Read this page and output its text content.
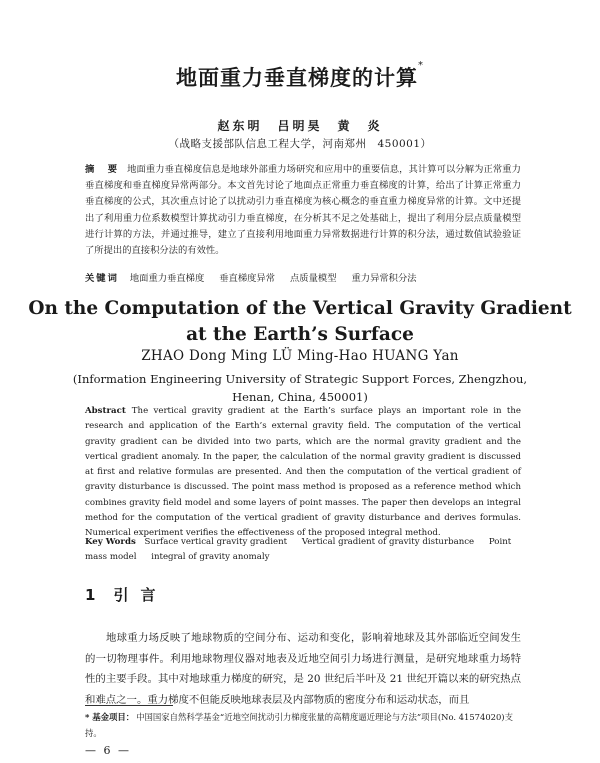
地面重力垂直梯度的计算*
赵东明　吕明昊　黄　炎
（战略支援部队信息工程大学，河南郑州　450001）
摘　要 地面重力垂直梯度信息是地球外部重力场研究和应用中的重要信息，其计算可以分解为正常重力垂直梯度和垂直梯度异常两部分。本文首先讨论了地面点正常重力垂直梯度的计算，给出了计算正常重力垂直梯度的公式，其次重点讨论了以扰动引力垂直梯度为核心概念的垂直重力梯度异常的计算。文中还提出了利用重力位系数模型计算扰动引力垂直梯度，在分析其不足之处基础上，提出了利用分层点质量模型进行计算的方法，并通过推导，建立了直接利用地面重力异常数据进行计算的积分法，通过数值试验验证了所提出的直接积分法的有效性。
关键词 地面重力垂直梯度 垂直梯度异常 点质量模型 重力异常积分法
On the Computation of the Vertical Gravity Gradient
at the Earth’s Surface
ZHAO Dong Ming LÜ Ming-Hao HUANG Yan
(Information Engineering University of Strategic Support Forces, Zhengzhou,
Henan, China, 450001)
Abstract The vertical gravity gradient at the Earth’s surface plays an important role in the research and application of the Earth’s external gravity field. The computation of the vertical gravity gradient can be divided into two parts, which are the normal gravity gradient and the vertical gradient anomaly. In the paper, the calculation of the normal gravity gradient is discussed at first and relative formulas are presented. And then the computation of the vertical gradient of gravity disturbance is discussed. The point mass method is proposed as a reference method which combines gravity field model and some layers of point masses. The paper then develops an integral method for the computation of the vertical gradient of gravity disturbance and derives formulas. Numerical experiment verifies the effectiveness of the proposed integral method.
Key Words Surface vertical gravity gradient Vertical gradient of gravity disturbance Point mass model integral of gravity anomaly
1 引言
地球重力场反映了地球物质的空间分布、运动和变化，影响着地球及其外部临近空间发生的一切物理事件。利用地球物理仪器对地表及近地空间引力场进行测量，是研究地球重力场特性的主要手段。其中对地球重力梯度的研究，是 20 世纪后半叶及 21 世纪开篇以来的研究热点和难点之一。重力梯度不但能反映地球表层及内部物质的密度分布和运动状态，而且
* 基金项目： 中国国家自然科学基金“近地空间扰动引力梯度张量的高精度逼近理论与方法”项目(No. 41574020)支持。
— 6 —
